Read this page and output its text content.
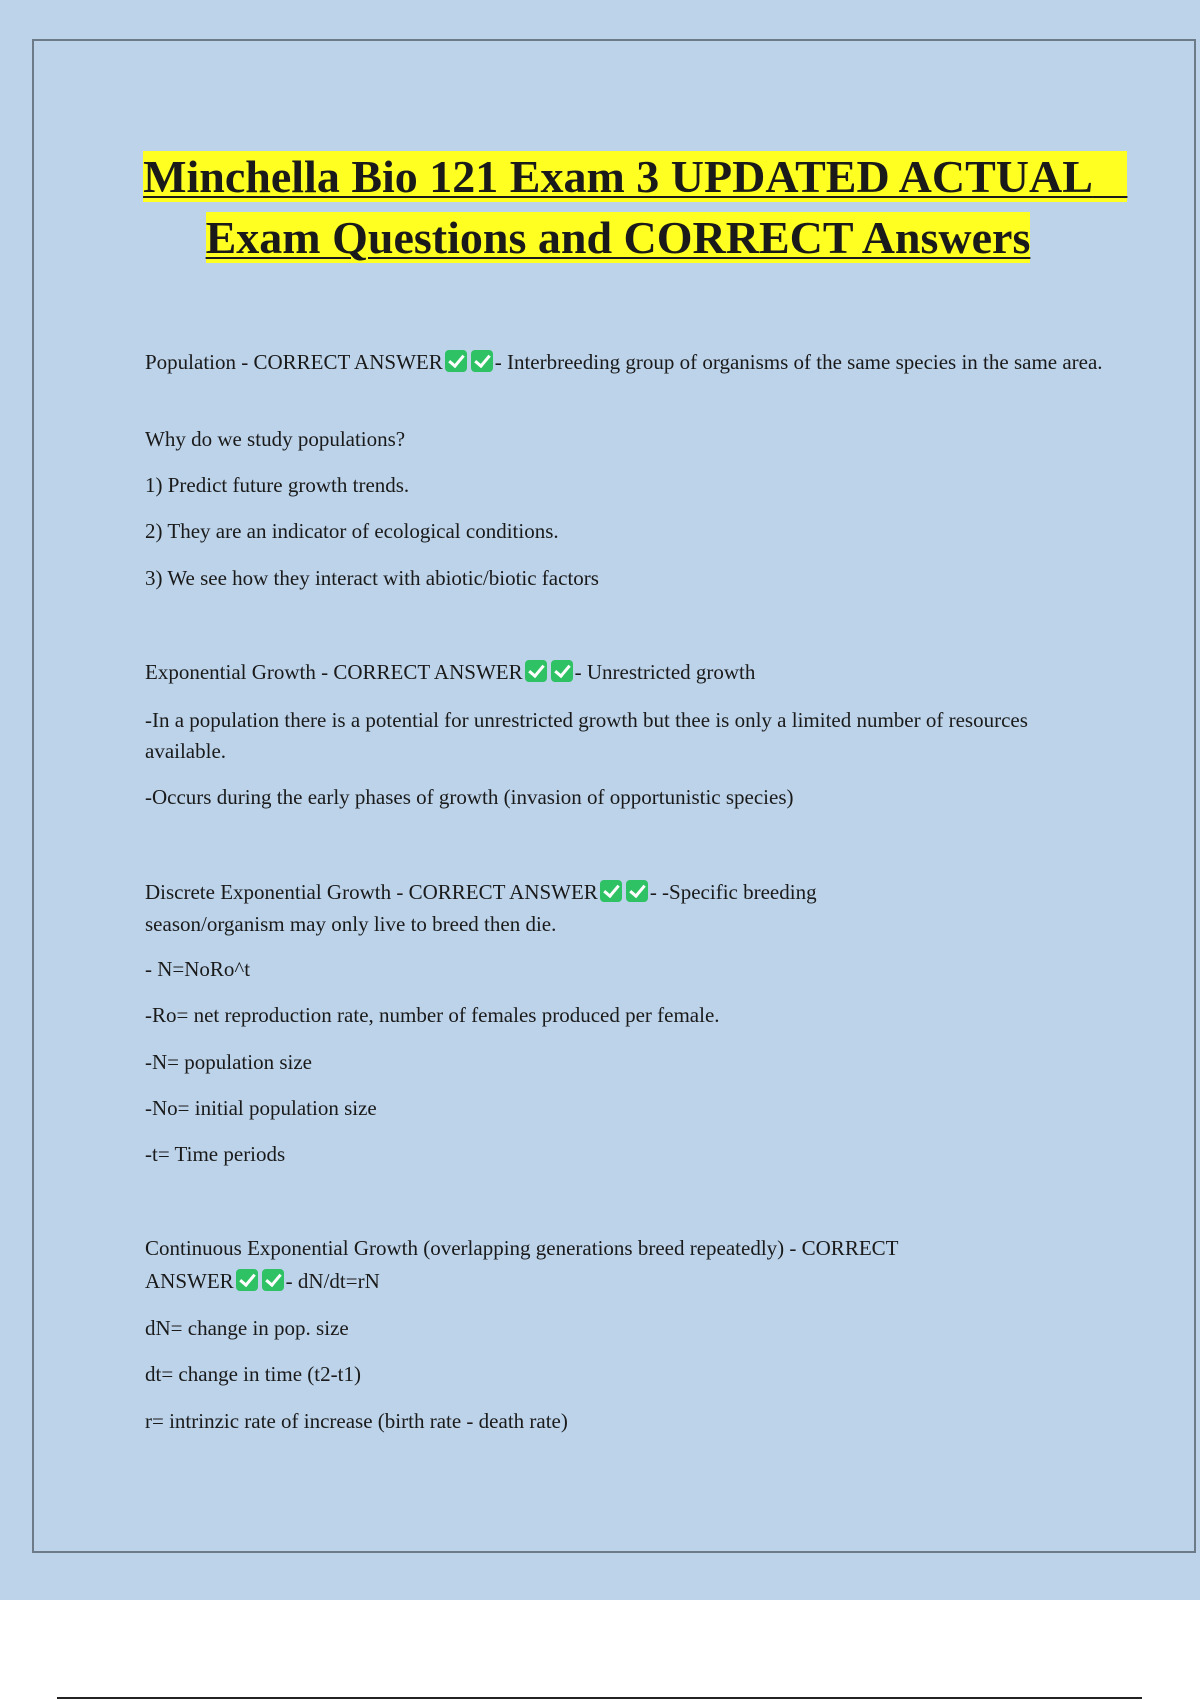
Minchella Bio 121 Exam 3 UPDATED ACTUAL   Exam Questions and CORRECT Answers

Population - CORRECT ANSWER - Interbreeding group of organisms of the same species in the same area.

Why do we study populations?

1) Predict future growth trends.

2) They are an indicator of ecological conditions.

3) We see how they interact with abiotic/biotic factors

Exponential Growth - CORRECT ANSWER - Unrestricted growth

-In a population there is a potential for unrestricted growth but thee is only a limited number of resources available.

-Occurs during the early phases of growth (invasion of opportunistic species)

Discrete Exponential Growth - CORRECT ANSWER - -Specific breeding

season/organism may only live to breed then die.

- N=NoRo^t

-Ro= net reproduction rate, number of females produced per female.

-N= population size

-No= initial population size

-t= Time periods

Continuous Exponential Growth (overlapping generations breed repeatedly) - CORRECT

ANSWER - dN/dt=rN

dN= change in pop. size

dt= change in time (t2-t1)

r= intrinzic rate of increase (birth rate - death rate)
